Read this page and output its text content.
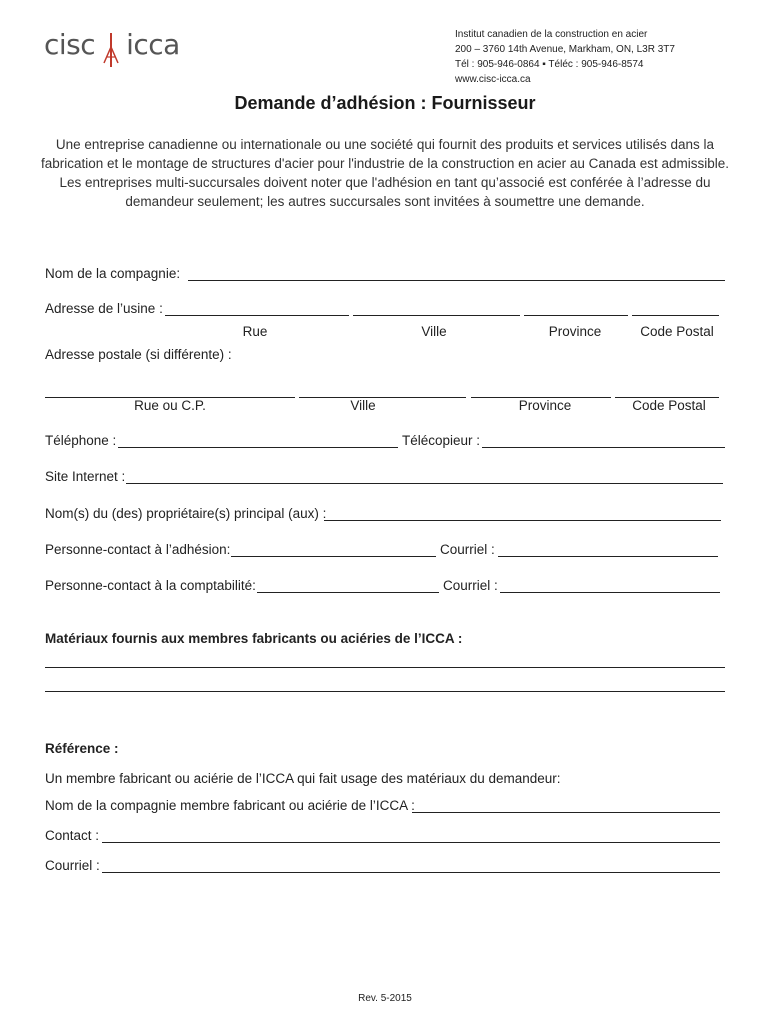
cisc icca	Institut canadien de la construction en acier
200 – 3760 14th Avenue, Markham, ON, L3R 3T7
Tél : 905-946-0864 ▪ Téléc : 905-946-8574
www.cisc-icca.ca
Demande d’adhésion : Fournisseur
Une entreprise canadienne ou internationale ou une société qui fournit des produits et services utilisés dans la fabrication et le montage de structures d'acier pour l'industrie de la construction en acier au Canada est admissible. Les entreprises multi-succursales doivent noter que l'adhésion en tant qu’associé est conférée à l’adresse du demandeur seulement; les autres succursales sont invitées à soumettre une demande.
Nom de la compagnie:
Adresse de l’usine :
Rue	Ville	Province	Code Postal
Adresse postale (si différente) :
Rue ou C.P.	Ville	Province	Code Postal
Téléphone :	Télécopieur :
Site Internet :
Nom(s) du (des) propriétaire(s) principal (aux) :
Personne-contact à l’adhésion:	Courriel :
Personne-contact à la comptabilité:	Courriel :
Matériaux fournis aux membres fabricants ou aciéries de l’ICCA :
Référence :
Un membre fabricant ou aciérie de l’ICCA qui fait usage des matériaux du demandeur:
Nom de la compagnie membre fabricant ou aciérie de l’ICCA :
Contact :
Courriel :
Rev. 5-2015
